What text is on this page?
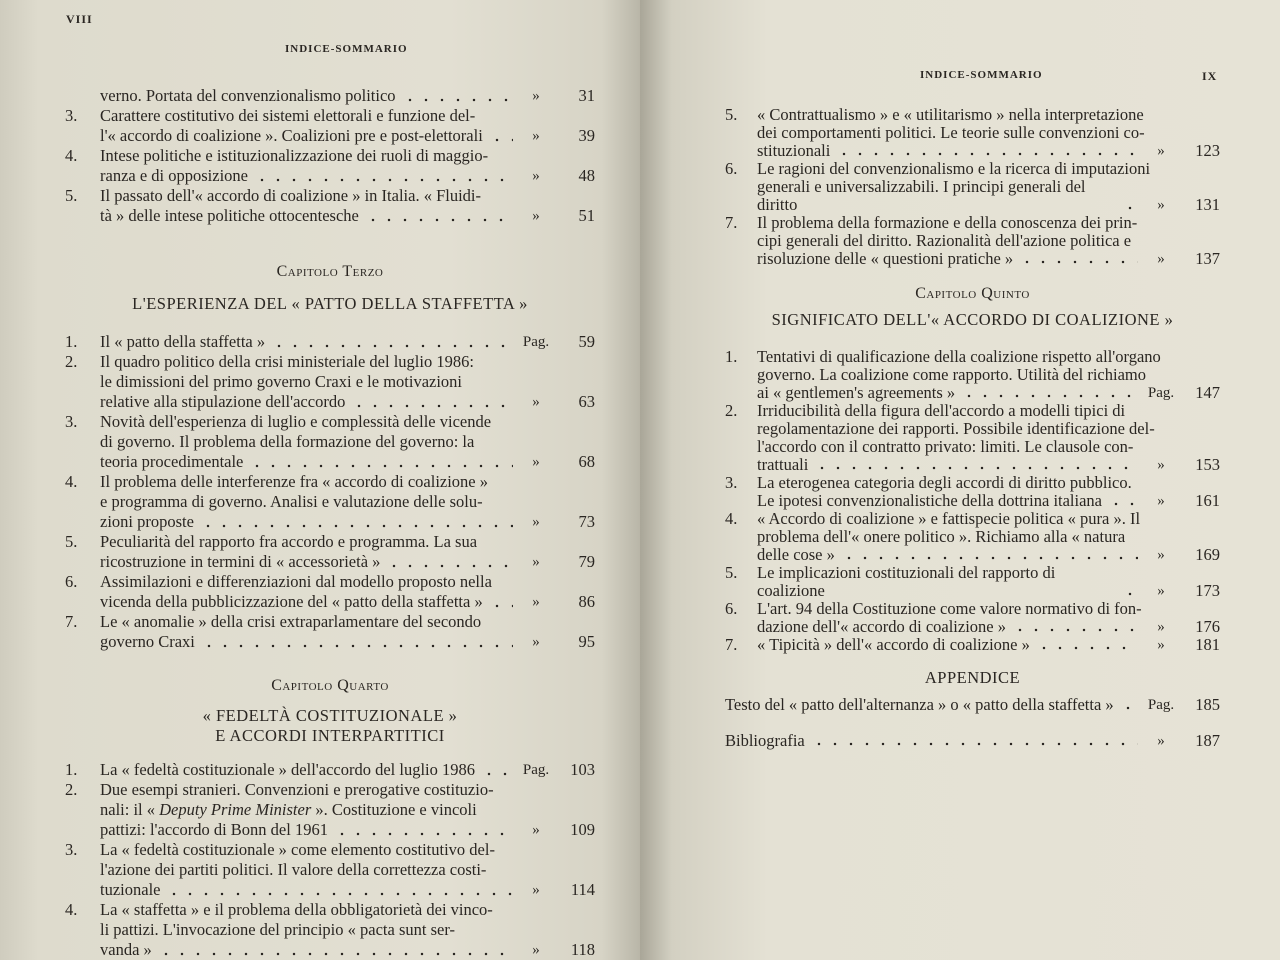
VIII
INDICE-SOMMARIO
verno. Portata del convenzionalismo politico	»	31
3. Carattere costitutivo dei sistemi elettorali e funzione del-
l'« accordo di coalizione ». Coalizioni pre e post-elettorali	»	39
4. Intese politiche e istituzionalizzazione dei ruoli di maggio-
ranza e di opposizione	»	48
5. Il passato dell'« accordo di coalizione » in Italia. « Fluidi-
tà » delle intese politiche ottocentesche	»	51
Capitolo Terzo
L'ESPERIENZA DEL « PATTO DELLA STAFFETTA »
1. Il « patto della staffetta »	Pag.	59
2. Il quadro politico della crisi ministeriale del luglio 1986:
le dimissioni del primo governo Craxi e le motivazioni
relative alla stipulazione dell'accordo	»	63
3. Novità dell'esperienza di luglio e complessità delle vicende
di governo. Il problema della formazione del governo: la
teoria procedimentale	»	68
4. Il problema delle interferenze fra « accordo di coalizione »
e programma di governo. Analisi e valutazione delle solu-
zioni proposte	»	73
5. Peculiarità del rapporto fra accordo e programma. La sua
ricostruzione in termini di « accessorietà »	»	79
6. Assimilazioni e differenziazioni dal modello proposto nella
vicenda della pubblicizzazione del « patto della staffetta »	»	86
7. Le « anomalie » della crisi extraparlamentare del secondo
governo Craxi	»	95
Capitolo Quarto
« FEDELTÀ COSTITUZIONALE »
E ACCORDI INTERPARTITICI
1. La « fedeltà costituzionale » dell'accordo del luglio 1986	Pag.	103
2. Due esempi stranieri. Convenzioni e prerogative costituzio-
nali: il « Deputy Prime Minister ». Costituzione e vincoli
pattizi: l'accordo di Bonn del 1961	»	109
3. La « fedeltà costituzionale » come elemento costitutivo del-
l'azione dei partiti politici. Il valore della correttezza costi-
tuzionale	»	114
4. La « staffetta » e il problema della obbligatorietà dei vinco-
li pattizi. L'invocazione del principio « pacta sunt ser-
vanda »	»	118
INDICE-SOMMARIO	IX
5. « Contrattualismo » e « utilitarismo » nella interpretazione
dei comportamenti politici. Le teorie sulle convenzioni co-
stituzionali	»	123
6. Le ragioni del convenzionalismo e la ricerca di imputazioni
generali e universalizzabili. I principi generali del diritto	»	131
7. Il problema della formazione e della conoscenza dei prin-
cipi generali del diritto. Razionalità dell'azione politica e
risoluzione delle « questioni pratiche »	»	137
Capitolo Quinto
SIGNIFICATO DELL'« ACCORDO DI COALIZIONE »
1. Tentativi di qualificazione della coalizione rispetto all'organo
governo. La coalizione come rapporto. Utilità del richiamo
ai « gentlemen's agreements »	Pag.	147
2. Irriducibilità della figura dell'accordo a modelli tipici di
regolamentazione dei rapporti. Possibile identificazione del-
l'accordo con il contratto privato: limiti. Le clausole con-
trattuali	»	153
3. La eterogenea categoria degli accordi di diritto pubblico.
Le ipotesi convenzionalistiche della dottrina italiana	»	161
4. « Accordo di coalizione » e fattispecie politica « pura ». Il
problema dell'« onere politico ». Richiamo alla « natura
delle cose »	»	169
5. Le implicazioni costituzionali del rapporto di coalizione	»	173
6. L'art. 94 della Costituzione come valore normativo di fon-
dazione dell'« accordo di coalizione »	»	176
7. « Tipicità » dell'« accordo di coalizione »	»	181
APPENDICE
Testo del « patto dell'alternanza » o « patto della staffetta »	Pag.	185
Bibliografia	»	187
